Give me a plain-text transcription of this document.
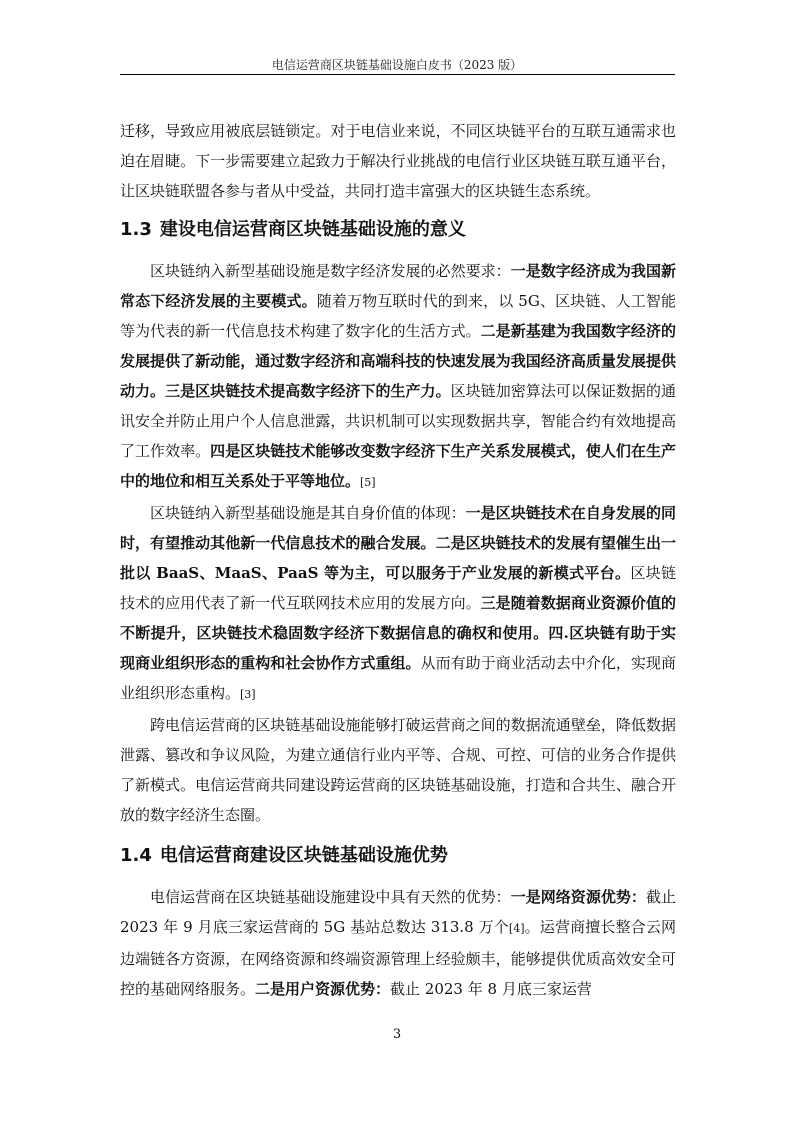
电信运营商区块链基础设施白皮书（2023 版）

迁移，导致应用被底层链锁定。对于电信业来说，不同区块链平台的互联互通需求也迫在眉睫。下一步需要建立起致力于解决行业挑战的电信行业区块链互联互通平台，让区块链联盟各参与者从中受益，共同打造丰富强大的区块链生态系统。

1.3 建设电信运营商区块链基础设施的意义

区块链纳入新型基础设施是数字经济发展的必然要求：一是数字经济成为我国新常态下经济发展的主要模式。随着万物互联时代的到来，以 5G、区块链、人工智能等为代表的新一代信息技术构建了数字化的生活方式。二是新基建为我国数字经济的发展提供了新动能，通过数字经济和高端科技的快速发展为我国经济高质量发展提供动力。三是区块链技术提高数字经济下的生产力。区块链加密算法可以保证数据的通讯安全并防止用户个人信息泄露，共识机制可以实现数据共享，智能合约有效地提高了工作效率。四是区块链技术能够改变数字经济下生产关系发展模式，使人们在生产中的地位和相互关系处于平等地位。[5]

区块链纳入新型基础设施是其自身价值的体现：一是区块链技术在自身发展的同时，有望推动其他新一代信息技术的融合发展。二是区块链技术的发展有望催生出一批以 BaaS、MaaS、PaaS 等为主，可以服务于产业发展的新模式平台。区块链技术的应用代表了新一代互联网技术应用的发展方向。三是随着数据商业资源价值的不断提升，区块链技术稳固数字经济下数据信息的确权和使用。四.区块链有助于实现商业组织形态的重构和社会协作方式重组。从而有助于商业活动去中介化，实现商业组织形态重构。[3]

跨电信运营商的区块链基础设施能够打破运营商之间的数据流通壁垒，降低数据泄露、篡改和争议风险，为建立通信行业内平等、合规、可控、可信的业务合作提供了新模式。电信运营商共同建设跨运营商的区块链基础设施，打造和合共生、融合开放的数字经济生态圈。

1.4 电信运营商建设区块链基础设施优势

电信运营商在区块链基础设施建设中具有天然的优势：一是网络资源优势：截止 2023 年 9 月底三家运营商的 5G 基站总数达 313.8 万个[4]。运营商擅长整合云网边端链各方资源，在网络资源和终端资源管理上经验颇丰，能够提供优质高效安全可控的基础网络服务。二是用户资源优势：截止 2023 年 8 月底三家运营

3
